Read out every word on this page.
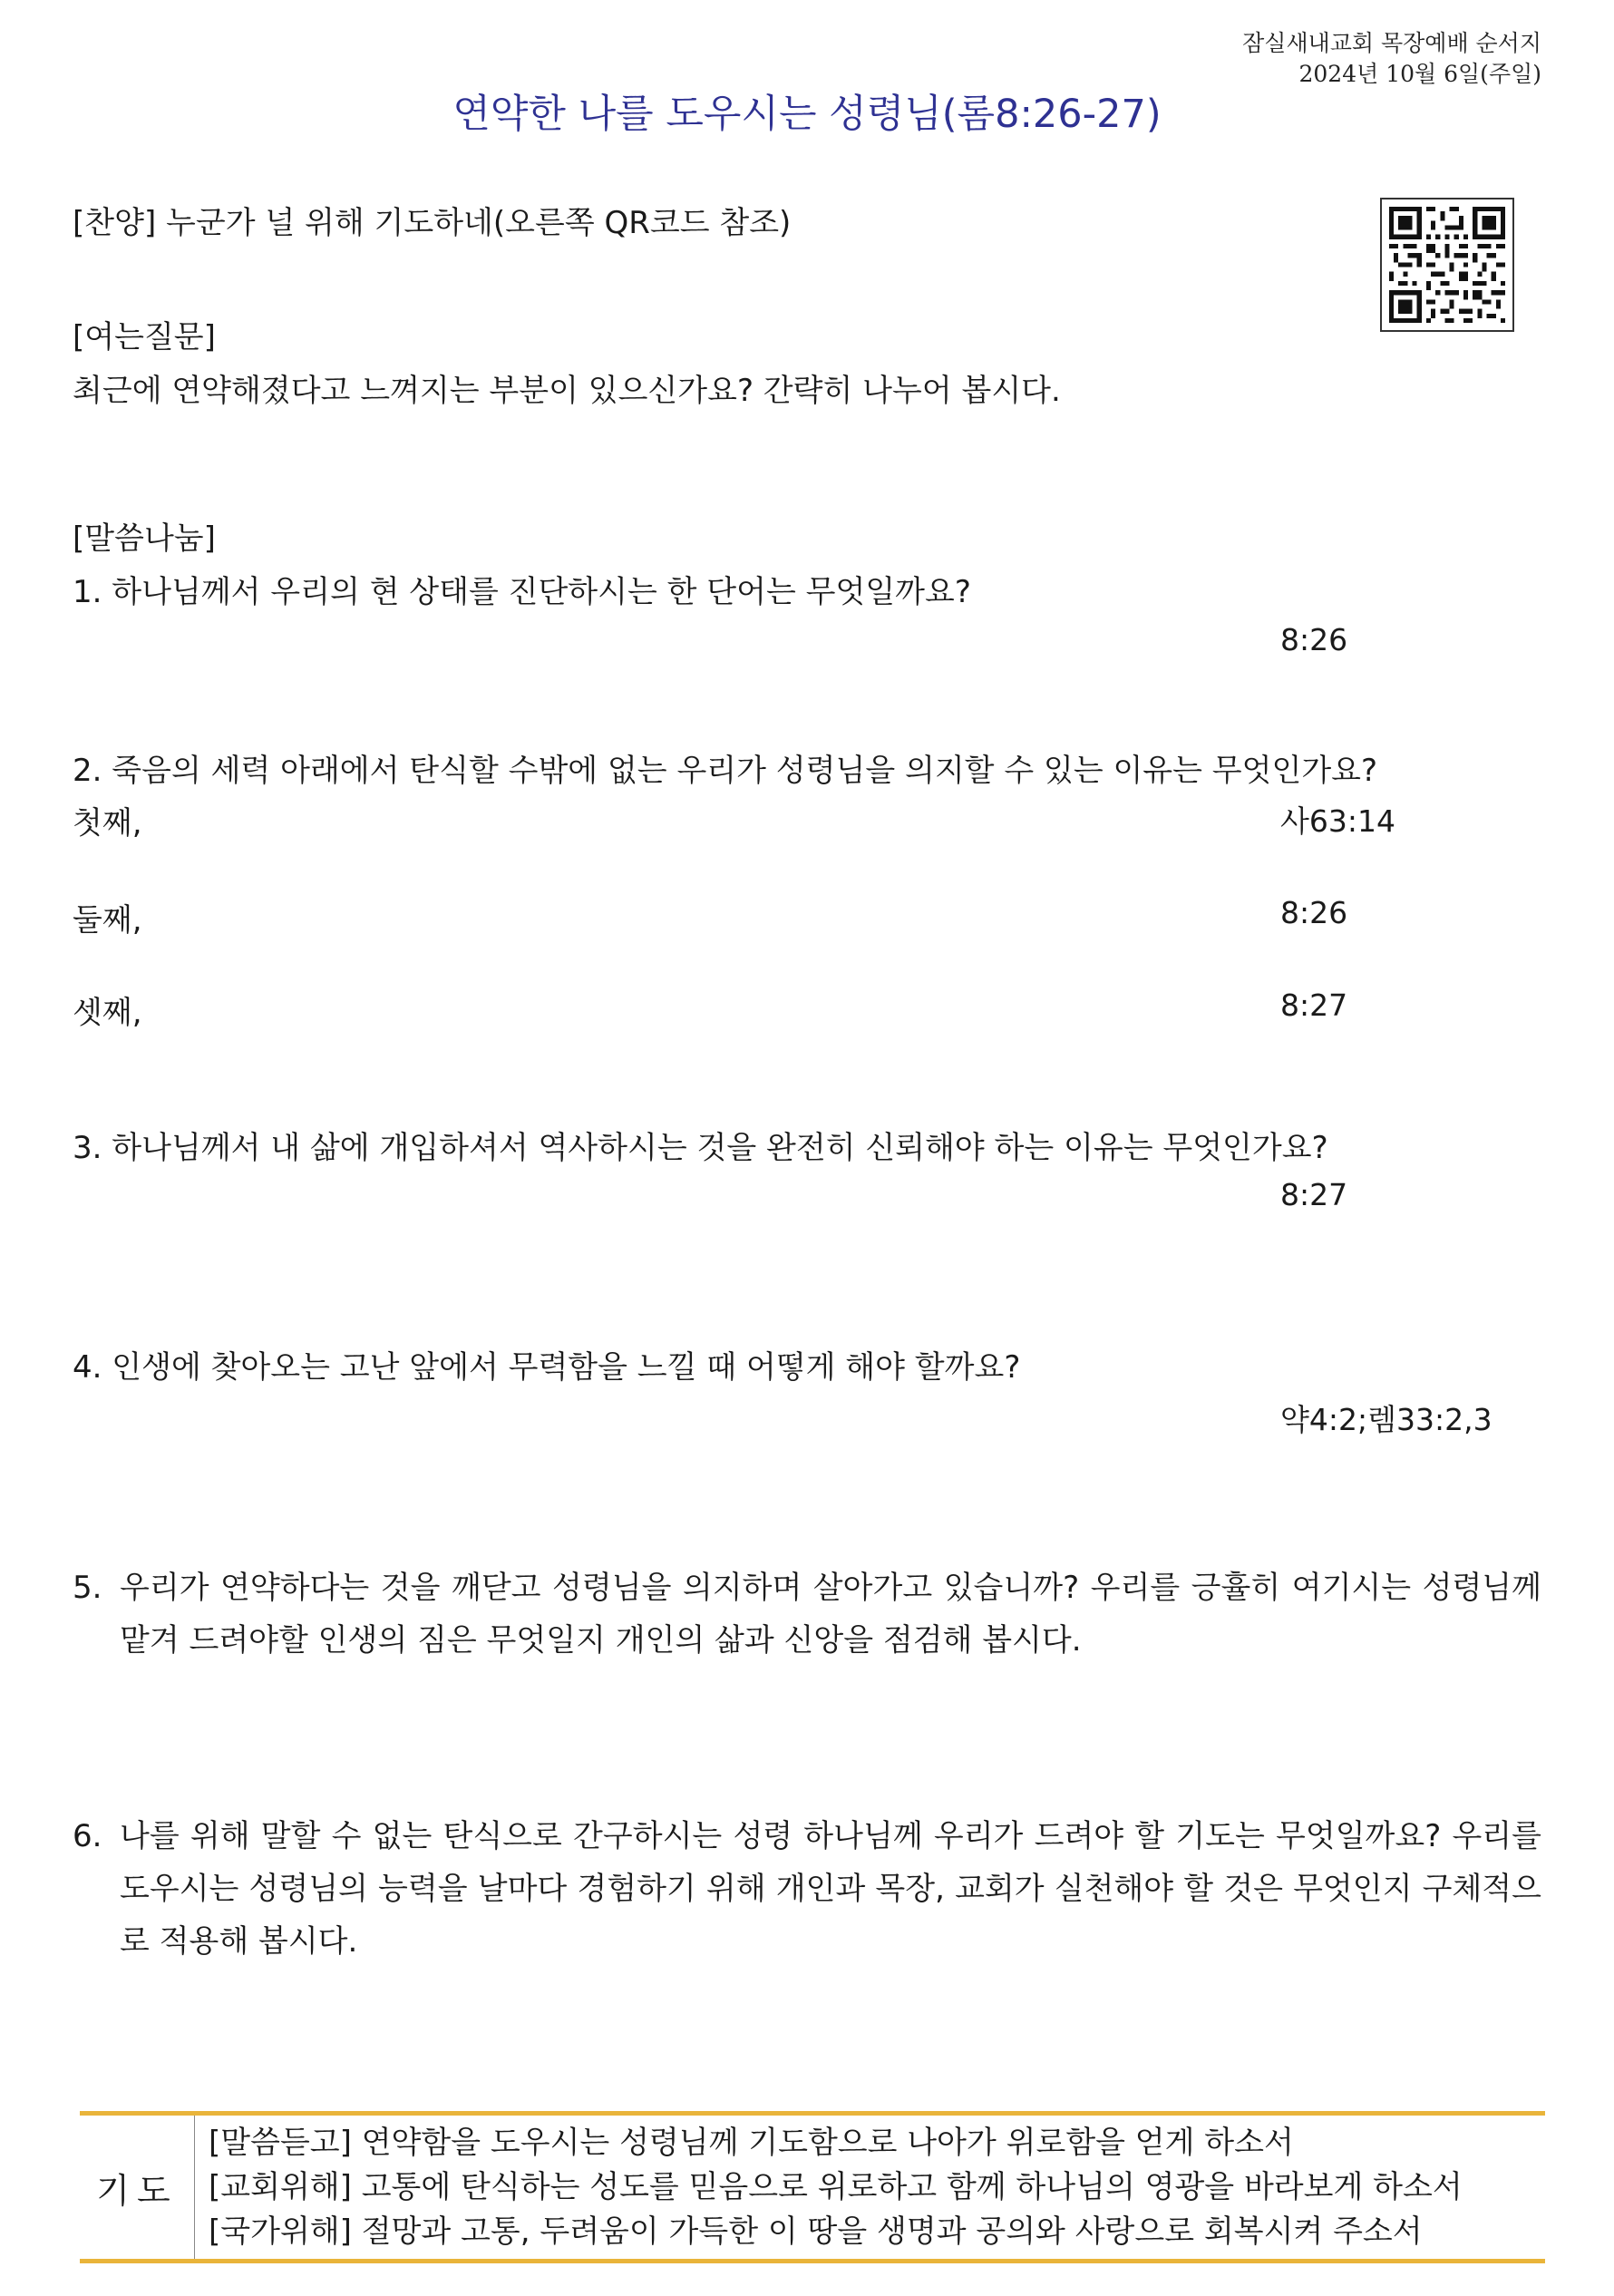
잠실새내교회 목장예배 순서지
2024년 10월 6일(주일)
연약한 나를 도우시는 성령님(롬8:26-27)
[찬양] 누군가 널 위해 기도하네(오른쪽 QR코드 참조)
[여는질문]
최근에 연약해졌다고 느껴지는 부분이 있으신가요? 간략히 나누어 봅시다.
[말씀나눔]
1. 하나님께서 우리의 현 상태를 진단하시는 한 단어는 무엇일까요?
8:26
2. 죽음의 세력 아래에서 탄식할 수밖에 없는 우리가 성령님을 의지할 수 있는 이유는 무엇인가요?
첫째,	사63:14
둘째,	8:26
셋째,	8:27
3. 하나님께서 내 삶에 개입하셔서 역사하시는 것을 완전히 신뢰해야 하는 이유는 무엇인가요?
8:27
4. 인생에 찾아오는 고난 앞에서 무력함을 느낄 때 어떻게 해야 할까요?
약4:2;렘33:2,3
5. 우리가 연약하다는 것을 깨닫고 성령님을 의지하며 살아가고 있습니까? 우리를 긍휼히 여기시는 성령님께 맡겨 드려야할 인생의 짐은 무엇일지 개인의 삶과 신앙을 점검해 봅시다.
6. 나를 위해 말할 수 없는 탄식으로 간구하시는 성령 하나님께 우리가 드려야 할 기도는 무엇일까요? 우리를 도우시는 성령님의 능력을 날마다 경험하기 위해 개인과 목장, 교회가 실천해야 할 것은 무엇인지 구체적으로 적용해 봅시다.
기도
[말씀듣고] 연약함을 도우시는 성령님께 기도함으로 나아가 위로함을 얻게 하소서
[교회위해] 고통에 탄식하는 성도를 믿음으로 위로하고 함께 하나님의 영광을 바라보게 하소서
[국가위해] 절망과 고통, 두려움이 가득한 이 땅을 생명과 공의와 사랑으로 회복시켜 주소서
